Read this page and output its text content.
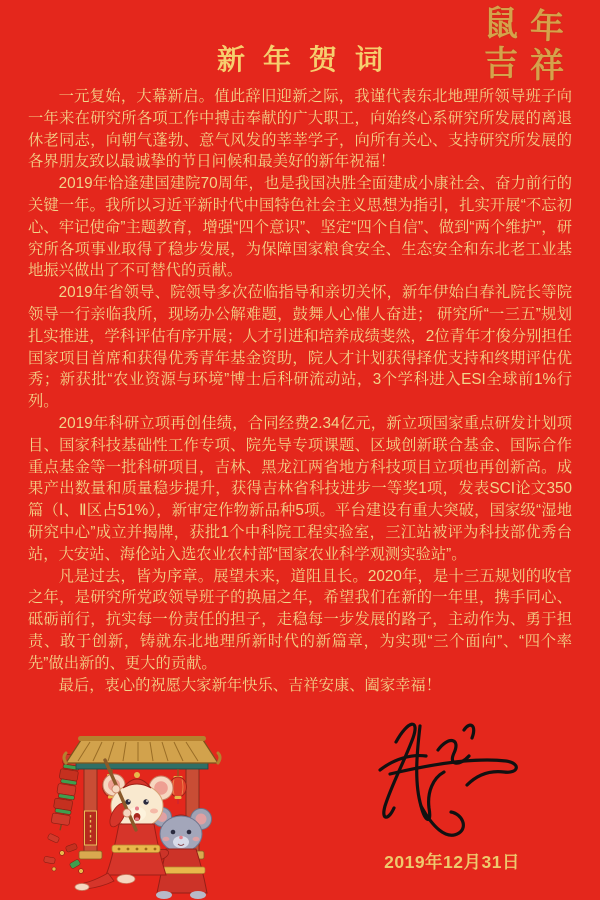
鼠 年
吉 祥
新年贺词

一元复始，大幕新启。值此辞旧迎新之际，我谨代表东北地理所领导班子向一年来在研究所各项工作中搏击奉献的广大职工，向始终心系研究所发展的离退休老同志，向朝气蓬勃、意气风发的莘莘学子，向所有关心、支持研究所发展的各界朋友致以最诚挚的节日问候和最美好的新年祝福！

2019年恰逢建国建院70周年，也是我国决胜全面建成小康社会、奋力前行的关键一年。我所以习近平新时代中国特色社会主义思想为指引，扎实开展“不忘初心、牢记使命”主题教育，增强“四个意识”、坚定“四个自信”、做到“两个维护”，研究所各项事业取得了稳步发展，为保障国家粮食安全、生态安全和东北老工业基地振兴做出了不可替代的贡献。

2019年省领导、院领导多次莅临指导和亲切关怀，新年伊始白春礼院长等院领导一行亲临我所，现场办公解难题，鼓舞人心催人奋进； 研究所“一三五”规划扎实推进，学科评估有序开展；人才引进和培养成绩斐然，2位青年才俊分别担任国家项目首席和获得优秀青年基金资助，院人才计划获得择优支持和终期评估优秀；新获批“农业资源与环境”博士后科研流动站，3个学科进入ESI全球前1%行列。

2019年科研立项再创佳绩，合同经费2.34亿元，新立项国家重点研发计划项目、国家科技基础性工作专项、院先导专项课题、区域创新联合基金、国际合作重点基金等一批科研项目，吉林、黑龙江两省地方科技项目立项也再创新高。成果产出数量和质量稳步提升，获得吉林省科技进步一等奖1项，发表SCI论文350篇（Ⅰ、Ⅱ区占51%），新审定作物新品种5项。平台建设有重大突破，国家级“湿地研究中心”成立并揭牌，获批1个中科院工程实验室，三江站被评为科技部优秀台站，大安站、海伦站入选农业农村部“国家农业科学观测实验站”。

凡是过去，皆为序章。展望未来，道阻且长。2020年，是十三五规划的收官之年，是研究所党政领导班子的换届之年，希望我们在新的一年里，携手同心、砥砺前行，抗实每一份责任的担子，走稳每一步发展的路子，主动作为、勇于担责、敢于创新，铸就东北地理所新时代的新篇章，为实现“三个面向”、“四个率先”做出新的、更大的贡献。

最后，衷心的祝愿大家新年快乐、吉祥安康、阖家幸福！

2019年12月31日
